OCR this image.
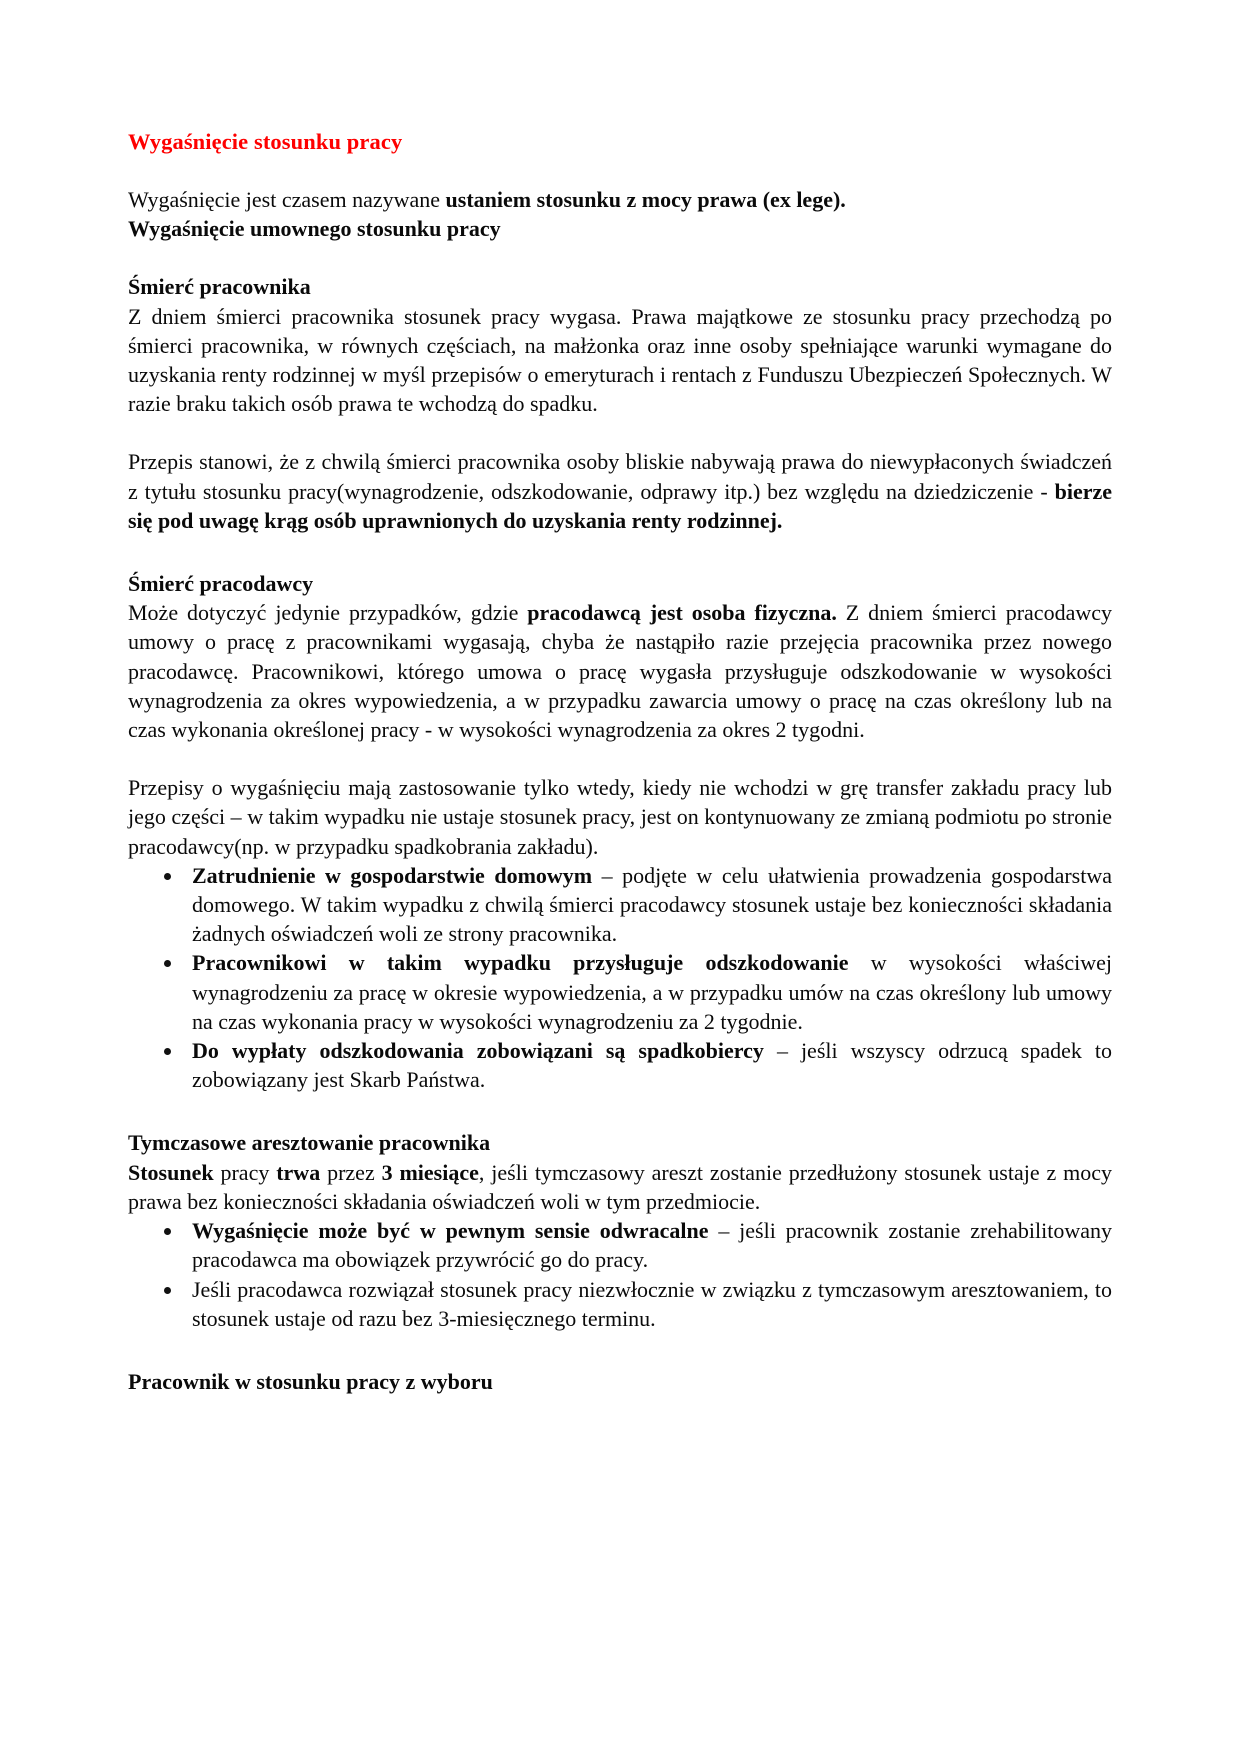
Wygaśnięcie stosunku pracy

Wygaśnięcie jest czasem nazywane ustaniem stosunku z mocy prawa (ex lege).
Wygaśnięcie umownego stosunku pracy

Śmierć pracownika

Z dniem śmierci pracownika stosunek pracy wygasa. Prawa majątkowe ze stosunku pracy przechodzą po śmierci pracownika, w równych częściach, na małżonka oraz inne osoby spełniające warunki wymagane do uzyskania renty rodzinnej w myśl przepisów o emeryturach i rentach z Funduszu Ubezpieczeń Społecznych. W razie braku takich osób prawa te wchodzą do spadku.

Przepis stanowi, że z chwilą śmierci pracownika osoby bliskie nabywają prawa do niewypłaconych świadczeń z tytułu stosunku pracy(wynagrodzenie, odszkodowanie, odprawy itp.) bez względu na dziedziczenie - bierze się pod uwagę krąg osób uprawnionych do uzyskania renty rodzinnej.

Śmierć pracodawcy

Może dotyczyć jedynie przypadków, gdzie pracodawcą jest osoba fizyczna. Z dniem śmierci pracodawcy umowy o pracę z pracownikami wygasają, chyba że nastąpiło razie przejęcia pracownika przez nowego pracodawcę. Pracownikowi, którego umowa o pracę wygasła przysługuje odszkodowanie w wysokości wynagrodzenia za okres wypowiedzenia, a w przypadku zawarcia umowy o pracę na czas określony lub na czas wykonania określonej pracy - w wysokości wynagrodzenia za okres 2 tygodni.

Przepisy o wygaśnięciu mają zastosowanie tylko wtedy, kiedy nie wchodzi w grę transfer zakładu pracy lub jego części – w takim wypadku nie ustaje stosunek pracy, jest on kontynuowany ze zmianą podmiotu po stronie pracodawcy(np. w przypadku spadkobrania zakładu).

Zatrudnienie w gospodarstwie domowym – podjęte w celu ułatwienia prowadzenia gospodarstwa domowego. W takim wypadku z chwilą śmierci pracodawcy stosunek ustaje bez konieczności składania żadnych oświadczeń woli ze strony pracownika.
Pracownikowi w takim wypadku przysługuje odszkodowanie w wysokości właściwej wynagrodzeniu za pracę w okresie wypowiedzenia, a w przypadku umów na czas określony lub umowy na czas wykonania pracy w wysokości wynagrodzeniu za 2 tygodnie.
Do wypłaty odszkodowania zobowiązani są spadkobiercy – jeśli wszyscy odrzucą spadek to zobowiązany jest Skarb Państwa.
Tymczasowe aresztowanie pracownika

Stosunek pracy trwa przez 3 miesiące, jeśli tymczasowy areszt zostanie przedłużony stosunek ustaje z mocy prawa bez konieczności składania oświadczeń woli w tym przedmiocie.

Wygaśnięcie może być w pewnym sensie odwracalne – jeśli pracownik zostanie zrehabilitowany pracodawca ma obowiązek przywrócić go do pracy.
Jeśli pracodawca rozwiązał stosunek pracy niezwłocznie w związku z tymczasowym aresztowaniem, to stosunek ustaje od razu bez 3-miesięcznego terminu.
Pracownik w stosunku pracy z wyboru
